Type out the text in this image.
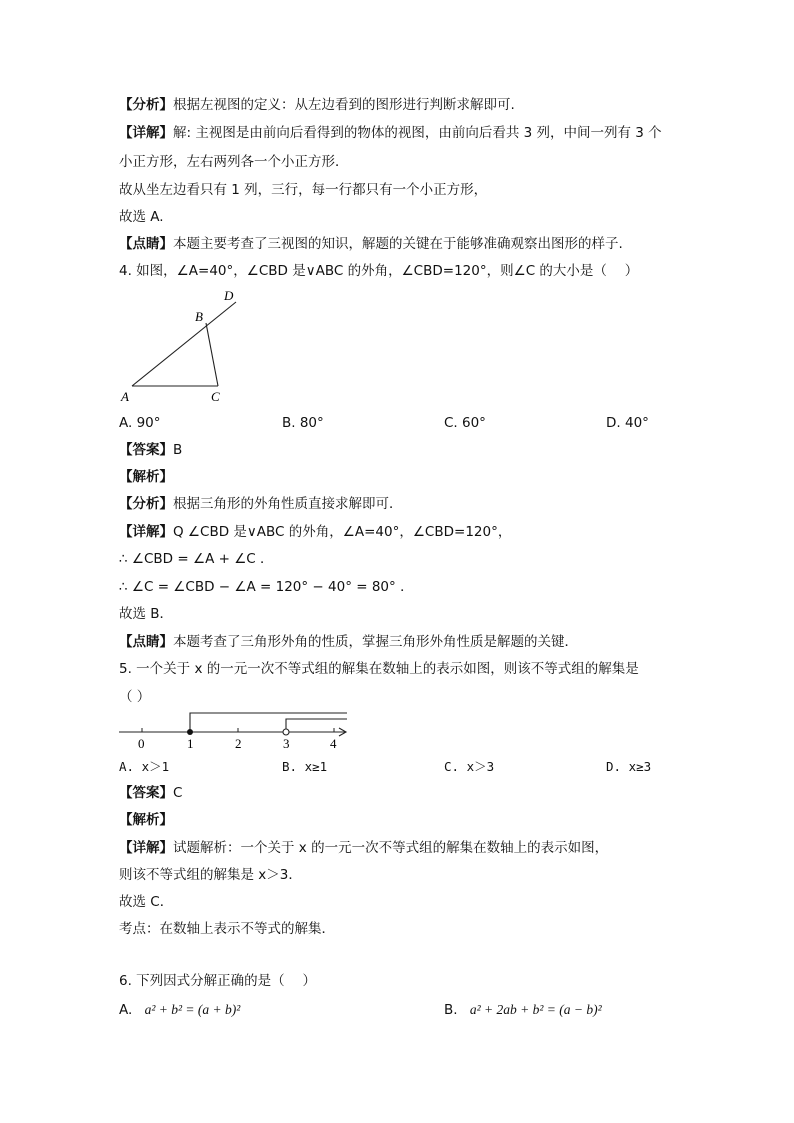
【分析】根据左视图的定义：从左边看到的图形进行判断求解即可.
【详解】解: 主视图是由前向后看得到的物体的视图，由前向后看共 3 列，中间一列有 3 个
小正方形，左右两列各一个小正方形．
故从坐左边看只有 1 列，三行，每一行都只有一个小正方形，
故选 A.
【点睛】本题主要考查了三视图的知识，解题的关键在于能够准确观察出图形的样子.
4. 如图，∠A=40°，∠CBD 是∨ABC 的外角，∠CBD=120°，则∠C 的大小是（　 ）
A	C
B
D
A. 90°	B. 80°	C. 60°	D. 40°
【答案】B
【解析】
【分析】根据三角形的外角性质直接求解即可．
【详解】Q ∠CBD 是∨ABC 的外角，∠A=40°，∠CBD=120°，
∴ ∠CBD = ∠A + ∠C ．
∴ ∠C = ∠CBD − ∠A = 120° − 40° = 80° ．
故选 B．
【点睛】本题考查了三角形外角的性质，掌握三角形外角性质是解题的关键．
5. 一个关于 x 的一元一次不等式组的解集在数轴上的表示如图，则该不等式组的解集是
（ ）
0	1	2	3	4
A. x＞1	B. x≥1	C. x＞3	D. x≥3
【答案】C
【解析】
【详解】试题解析：一个关于 x 的一元一次不等式组的解集在数轴上的表示如图，
则该不等式组的解集是 x＞3．
故选 C．
考点：在数轴上表示不等式的解集．
6. 下列因式分解正确的是（　 ）
A. a² + b² = (a + b)²	B. a² + 2ab + b² = (a − b)²
